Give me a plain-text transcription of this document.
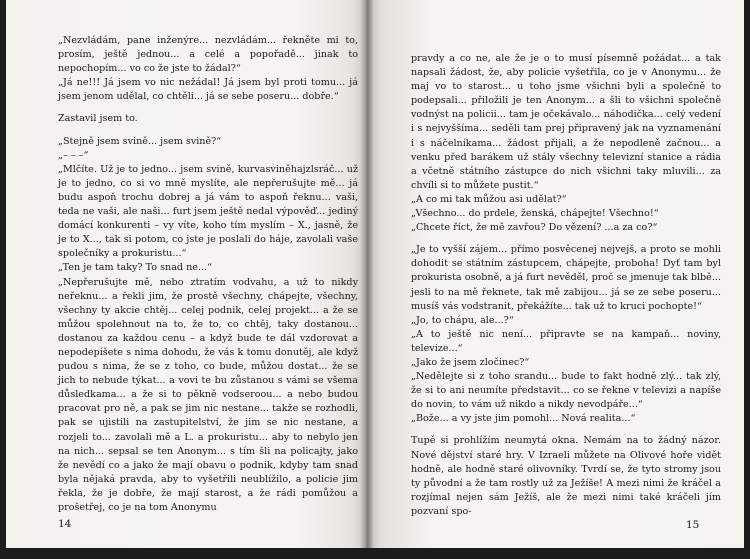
„Nezvládám, pane inženýre... nezvládám... řekněte mi to, prosím, ještě jednou... a celé a popořadě... jinak to nepochopím... vo co že jste to žádal?“

„Já ne!!! Já jsem vo nic nežádal! Já jsem byl proti tomu... já jsem jenom udělal, co chtěli... já se sebe poseru... dobře.“

Zastavil jsem to.

„Stejně jsem svině... jsem svině?“

„– – –“

„Mlčíte. Už je to jedno... jsem svině, kurvasviněhajzlsráč... už je to jedno, co si vo mně myslíte, ale nepřerušujte mě... já budu aspoň trochu dobrej a já vám to aspoň řeknu... vaši, teda ne vaši, ale naši... furt jsem ještě nedal výpověď... jediný domácí konkurenti – vy víte, koho tím myslím – X., jasně, že je to X..., tak si potom, co jste je poslali do háje, zavolali vaše společníky a prokuristu...“

„Ten je tam taky? To snad ne...“

„Nepřerušujte mě, nebo ztratím vodvahu, a už to nikdy neřeknu... a řekli jim, že prostě všechny, chápejte, všechny, všechny ty akcie chtěj... celej podnik, celej projekt... a že se můžou spolehnout na to, že to, co chtěj, taky dostanou... dostanou za každou cenu – a když bude te dál vzdorovat a nepodepíšete s nima dohodu, že vás k tomu donutěj, ale když pudou s nima, že se z toho, co bude, můžou dostat... že se jich to nebude týkat... a vovi te bu zůstanou s vámi se všema důsledkama... a že si to pěkně vodseroou... a nebo budou pracovat pro ně, a pak se jim nic nestane... takže se rozhodli, pak se ujistili na zastupitelství, že jim se nic nestane, a rozjeli to... zavolali mě a L. a prokuristu... aby to nebylo jen na nich... sepsal se ten Anonym... s tím šli na policajty, jako že nevědí co a jako že mají obavu o podnik, kdyby tam snad byla nějaká pravda, aby to vyšetřili neublížilo, a policie jim řekla, že je dobře, že mají starost, a že rádi pomůžou a prošetřej, co je na tom Anonymu

14

pravdy a co ne, ale že je o to musí písemně požádat... a tak napsali žádost, že, aby policie vyšetřila, co je v Anonymu... že maj vo to starost... u toho jsme všichni byli a společně to podepsali... přiložili je ten Anonym... a šli to všichni společně vodnýst na policii... tam je očekávalo... náhodička... celý vedení i s nejvyššíma... seděli tam prej připravený jak na vyznamenání i s náčelníkama... žádost přijali, a že nepodleně začnou... a venku před barákem už stály všechny televizní stanice a rádia a včetně státního zástupce do nich všichni taky mluvili... za chvíli si to můžete pustit.“

„A co mi tak můžou asi udělat?“

„Všechno... do prdele, ženská, chápejte! Všechno!“

„Chcete říct, že mě zavřou? Do vězení? ...a za co?“

„Je to vyšší zájem... přímo posvěcenej nejvejš, a proto se mohli dohodit se státním zástupcem, chápejte, proboha! Dyť tam byl prokurista osobně, a já furt nevěděl, proč se jmenuje tak blbě... jesli to na mě řeknete, tak mě zabijou... já se ze sebe poseru... musíš vás vodstranit, překážíte... tak už to kruci pochopte!“

„Jo, to chápu, ale...?“

„A to ještě nic není... připravte se na kampaň... noviny, televize...“

„Jako že jsem zločinec?“

„Nedělejte si z toho srandu... bude to fakt hodně zlý... tak zlý, že si to ani neumíte představit... co se řekne v televizi a napíše do novin, to vám už nikdo a nikdy nevodpáře...“

„Bože... a vy jste jim pomohl... Nová realita...“

Tupě si prohlížím neumytá okna. Nemám na to žádný názor. Nové dějství staré hry. V Izraeli můžete na Olivové hoře vidět hodně, ale hodně staré olivovníky. Tvrdí se, že tyto stromy jsou ty původní a že tam rostly už za Ježíše! A mezi nimi že kráčel a rozjímal nejen sám Ježíš, ale že mezi nimi také kráčeli jím pozvaní spo-

15
